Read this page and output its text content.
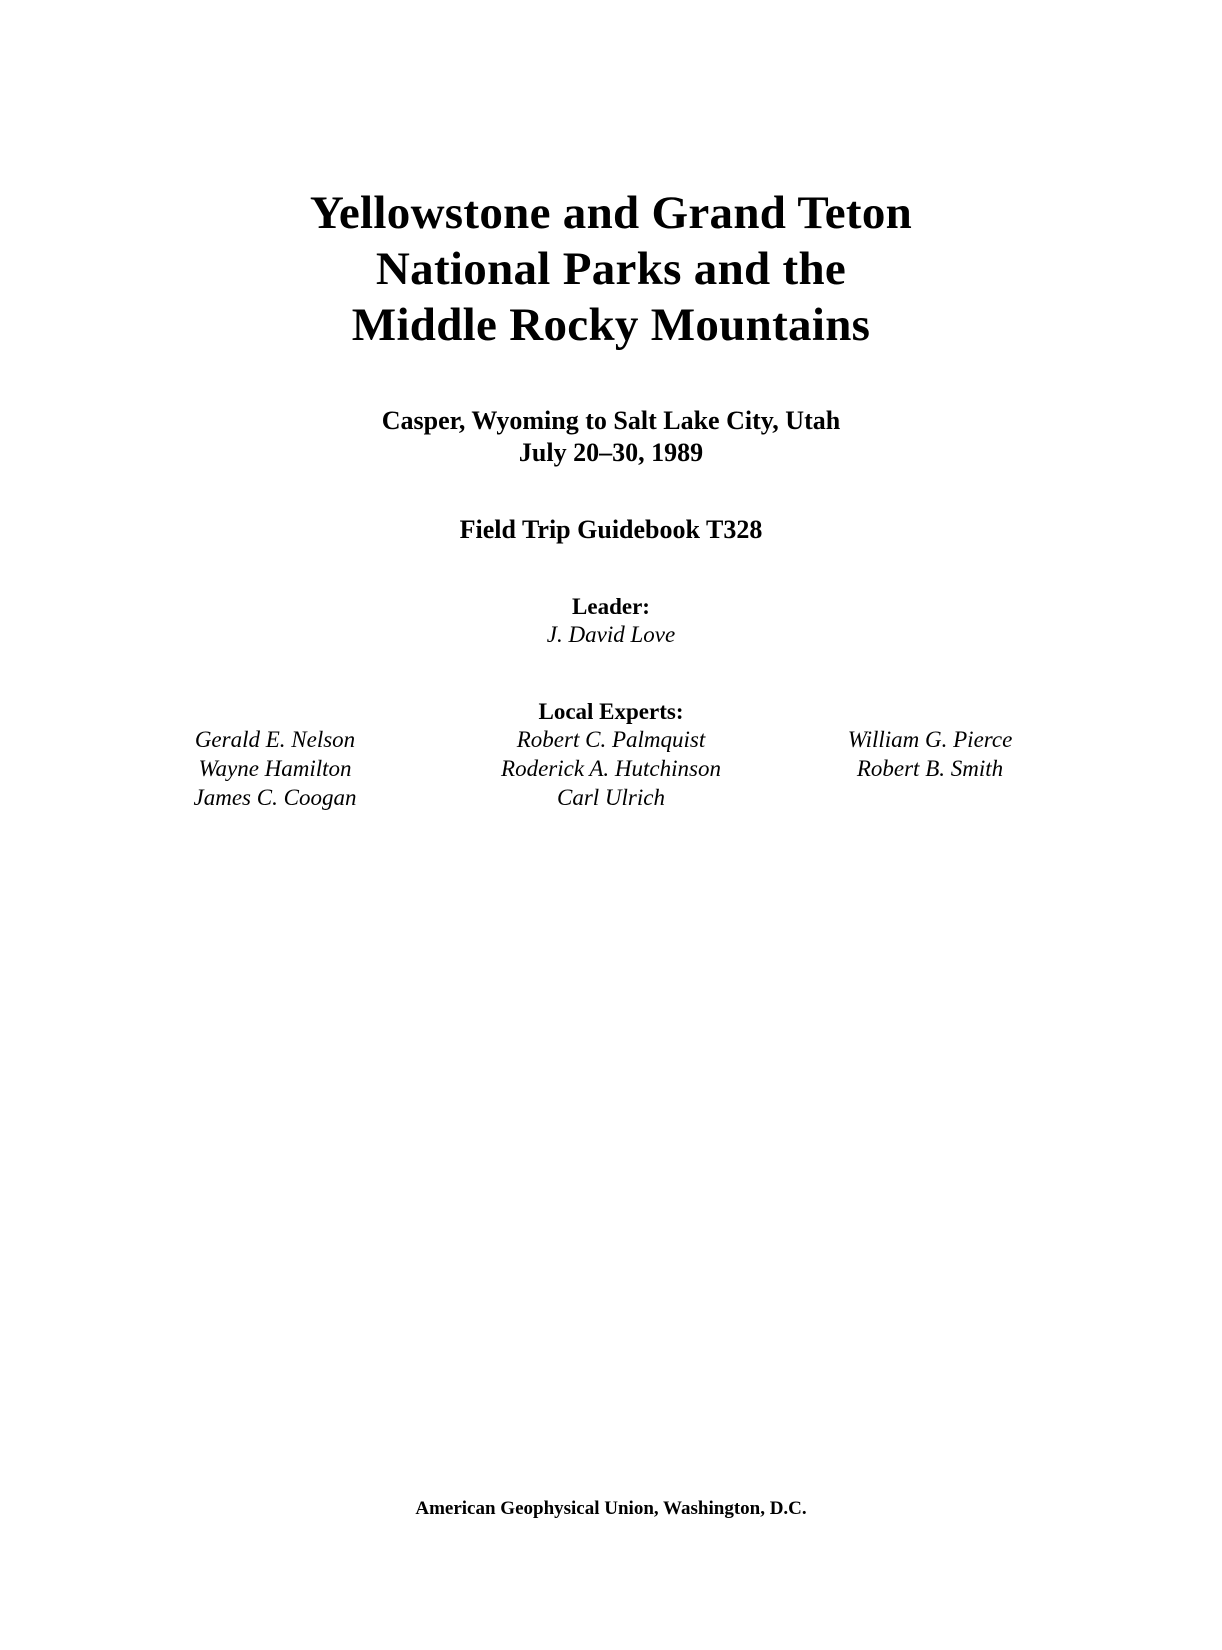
Yellowstone and Grand Teton
National Parks and the
Middle Rocky Mountains
Casper, Wyoming to Salt Lake City, Utah
July 20–30, 1989
Field Trip Guidebook T328
Leader:
J. David Love
Local Experts:
Gerald E. Nelson
Wayne Hamilton
James C. Coogan
Robert C. Palmquist
Roderick A. Hutchinson
Carl Ulrich
William G. Pierce
Robert B. Smith
American Geophysical Union, Washington, D.C.
